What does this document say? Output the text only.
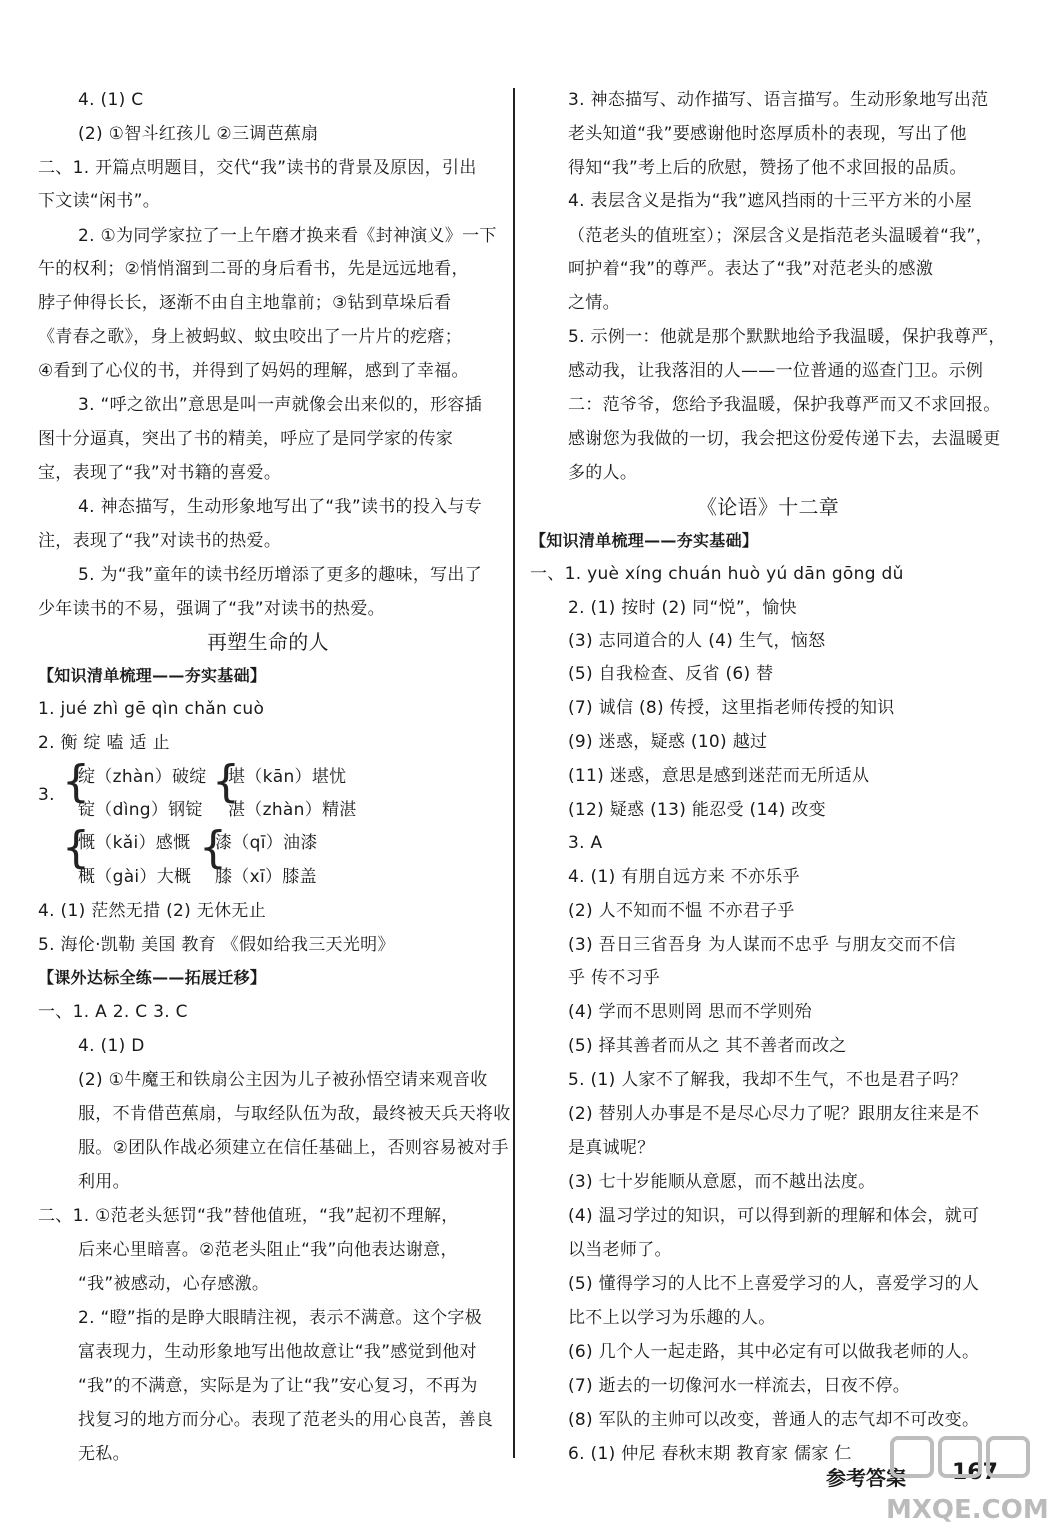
4. (1) C
(2) ①智斗红孩儿 ②三调芭蕉扇
二、1. 开篇点明题目，交代“我”读书的背景及原因，引出
下文读“闲书”。
2. ①为同学家拉了一上午磨才换来看《封神演义》一下
午的权利；②悄悄溜到二哥的身后看书，先是远远地看，
脖子伸得长长，逐渐不由自主地靠前；③钻到草垛后看
《青春之歌》，身上被蚂蚁、蚊虫咬出了一片片的疙瘩；
④看到了心仪的书，并得到了妈妈的理解，感到了幸福。
3. “呼之欲出”意思是叫一声就像会出来似的，形容插
图十分逼真，突出了书的精美，呼应了是同学家的传家
宝，表现了“我”对书籍的喜爱。
4. 神态描写，生动形象地写出了“我”读书的投入与专
注，表现了“我”对读书的热爱。
5. 为“我”童年的读书经历增添了更多的趣味，写出了
少年读书的不易，强调了“我”对读书的热爱。
1. jué zhì gē qìn chǎn cuò
2. 衡 绽 嗑 适 止
3.
绽（zhàn）破绽
锭（dìng）钢锭
堪（kān）堪忧
湛（zhàn）精湛
慨（kǎi）感慨
概（gài）大概
漆（qī）油漆
膝（xī）膝盖
4. (1) 茫然无措 (2) 无休无止
5. 海伦·凯勒 美国 教育 《假如给我三天光明》
一、1. A 2. C 3. C
4. (1) D
(2) ①牛魔王和铁扇公主因为儿子被孙悟空请来观音收
服，不肯借芭蕉扇，与取经队伍为敌，最终被天兵天将收
服。②团队作战必须建立在信任基础上，否则容易被对手
利用。
二、1. ①范老头惩罚“我”替他值班，“我”起初不理解，
后来心里暗喜。②范老头阻止“我”向他表达谢意，
“我”被感动，心存感激。
2. “瞪”指的是睁大眼睛注视，表示不满意。这个字极
富表现力，生动形象地写出他故意让“我”感觉到他对
“我”的不满意，实际是为了让“我”安心复习，不再为
找复习的地方而分心。表现了范老头的用心良苦，善良
无私。
再塑生命的人
【知识清单梳理——夯实基础】
【课外达标全练——拓展迁移】
3. 神态描写、动作描写、语言描写。生动形象地写出范
老头知道“我”要感谢他时恣厚质朴的表现，写出了他
得知“我”考上后的欣慰，赞扬了他不求回报的品质。
4. 表层含义是指为“我”遮风挡雨的十三平方米的小屋
（范老头的值班室）；深层含义是指范老头温暖着“我”，
呵护着“我”的尊严。表达了“我”对范老头的感激
之情。
5. 示例一：他就是那个默默地给予我温暖，保护我尊严，
感动我，让我落泪的人——一位普通的巡查门卫。示例
二：范爷爷，您给予我温暖，保护我尊严而又不求回报。
感谢您为我做的一切，我会把这份爱传递下去，去温暖更
多的人。
一、1. yuè xíng chuán huò yú dān gōng dǔ
2. (1) 按时 (2) 同“悦”，愉快
(3) 志同道合的人 (4) 生气，恼怒
(5) 自我检查、反省 (6) 替
(7) 诚信 (8) 传授，这里指老师传授的知识
(9) 迷惑，疑惑 (10) 越过
(11) 迷惑，意思是感到迷茫而无所适从
(12) 疑惑 (13) 能忍受 (14) 改变
3. A
4. (1) 有朋自远方来 不亦乐乎
(2) 人不知而不愠 不亦君子乎
(3) 吾日三省吾身 为人谋而不忠乎 与朋友交而不信
乎 传不习乎
(4) 学而不思则罔 思而不学则殆
(5) 择其善者而从之 其不善者而改之
5. (1) 人家不了解我，我却不生气，不也是君子吗？
(2) 替别人办事是不是尽心尽力了呢？跟朋友往来是不
是真诚呢？
(3) 七十岁能顺从意愿，而不越出法度。
(4) 温习学过的知识，可以得到新的理解和体会，就可
以当老师了。
(5) 懂得学习的人比不上喜爱学习的人，喜爱学习的人
比不上以学习为乐趣的人。
(6) 几个人一起走路，其中必定有可以做我老师的人。
(7) 逝去的一切像河水一样流去，日夜不停。
(8) 军队的主帅可以改变，普通人的志气却不可改变。
6. (1) 仲尼 春秋末期 教育家 儒家 仁
《论语》十二章
【知识清单梳理——夯实基础】
{	{
{ {
参考答案 167
MXQE.COM
